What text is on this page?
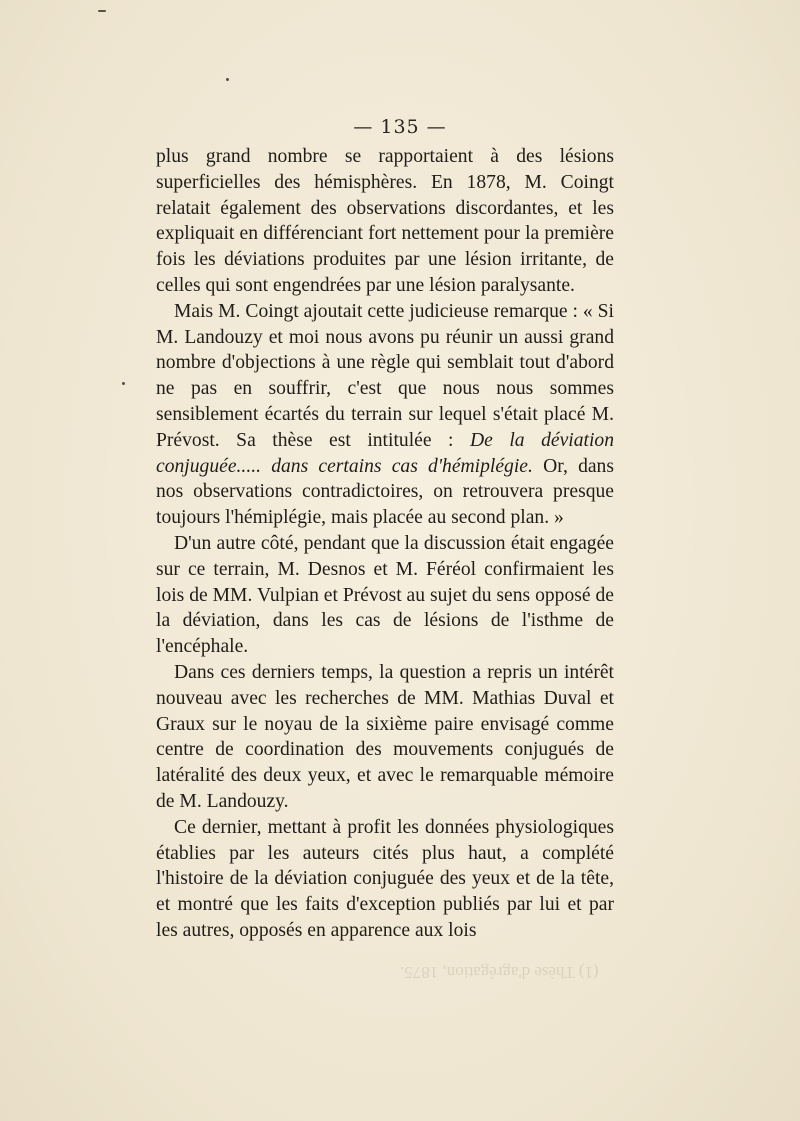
— 135 —

plus grand nombre se rapportaient à des lésions superficielles des hémisphères. En 1878, M. Coingt relatait également des observations discordantes, et les expliquait en différenciant fort nettement pour la première fois les déviations produites par une lésion irritante, de celles qui sont engendrées par une lésion paralysante.

Mais M. Coingt ajoutait cette judicieuse remarque : « Si M. Landouzy et moi nous avons pu réunir un aussi grand nombre d'objections à une règle qui semblait tout d'abord ne pas en souffrir, c'est que nous nous sommes sensiblement écartés du terrain sur lequel s'était placé M. Prévost. Sa thèse est intitulée : De la déviation conjuguée..... dans certains cas d'hémiplégie. Or, dans nos observations contradictoires, on retrouvera presque toujours l'hémiplégie, mais placée au second plan. »

D'un autre côté, pendant que la discussion était engagée sur ce terrain, M. Desnos et M. Féréol confirmaient les lois de MM. Vulpian et Prévost au sujet du sens opposé de la déviation, dans les cas de lésions de l'isthme de l'encéphale.

Dans ces derniers temps, la question a repris un intérêt nouveau avec les recherches de MM. Mathias Duval et Graux sur le noyau de la sixième paire envisagé comme centre de coordination des mouvements conjugués de latéralité des deux yeux, et avec le remarquable mémoire de M. Landouzy.

Ce dernier, mettant à profit les données physiologiques établies par les auteurs cités plus haut, a complété l'histoire de la déviation conjuguée des yeux et de la tête, et montré que les faits d'exception publiés par lui et par les autres, opposés en apparence aux lois

(1) Thèse d'agrégation, 1875.
